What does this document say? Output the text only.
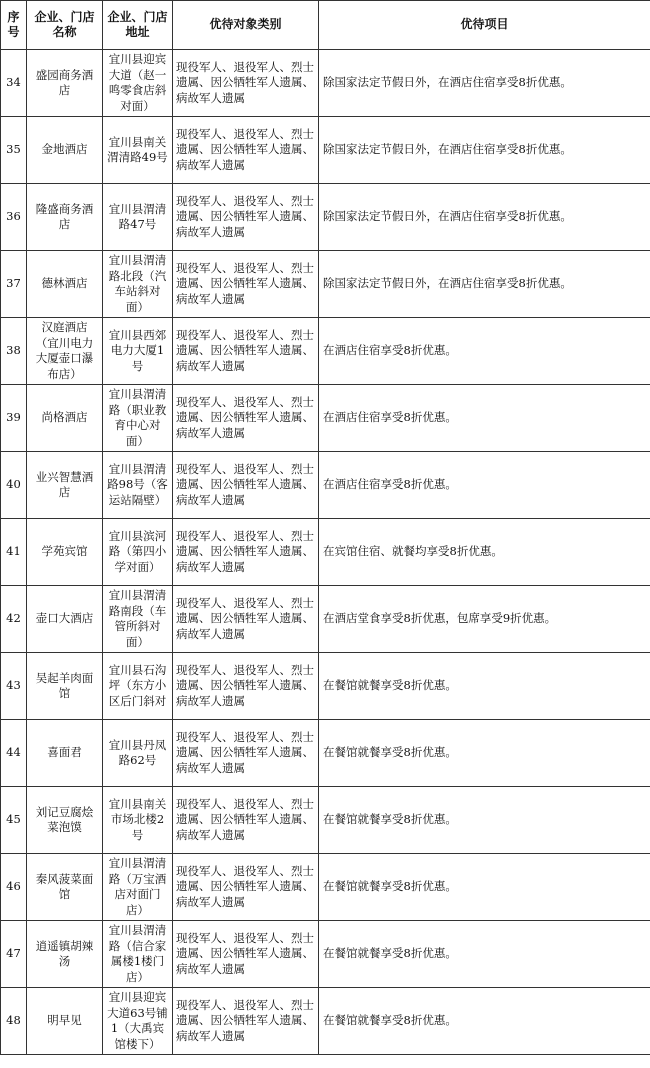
序号	企业、门店名称	企业、门店地址	优待对象类别	优待项目
34	盛园商务酒店	宜川县迎宾大道（赵一鸣零食店斜对面）	现役军人、退役军人、烈士遗属、因公牺牲军人遗属、病故军人遗属	除国家法定节假日外，在酒店住宿享受8折优惠。
35	金地酒店	宜川县南关渭清路49号	现役军人、退役军人、烈士遗属、因公牺牲军人遗属、病故军人遗属	除国家法定节假日外，在酒店住宿享受8折优惠。
36	隆盛商务酒店	宜川县渭清路47号	现役军人、退役军人、烈士遗属、因公牺牲军人遗属、病故军人遗属	除国家法定节假日外，在酒店住宿享受8折优惠。
37	德林酒店	宜川县渭清路北段（汽车站斜对面）	现役军人、退役军人、烈士遗属、因公牺牲军人遗属、病故军人遗属	除国家法定节假日外，在酒店住宿享受8折优惠。
38	汉庭酒店（宜川电力大厦壶口瀑布店）	宜川县西郊电力大厦1号	现役军人、退役军人、烈士遗属、因公牺牲军人遗属、病故军人遗属	在酒店住宿享受8折优惠。
39	尚格酒店	宜川县渭清路（职业教育中心对面）	现役军人、退役军人、烈士遗属、因公牺牲军人遗属、病故军人遗属	在酒店住宿享受8折优惠。
40	业兴智慧酒店	宜川县渭清路98号（客运站隔壁）	现役军人、退役军人、烈士遗属、因公牺牲军人遗属、病故军人遗属	在酒店住宿享受8折优惠。
41	学苑宾馆	宜川县滨河路（第四小学对面）	现役军人、退役军人、烈士遗属、因公牺牲军人遗属、病故军人遗属	在宾馆住宿、就餐均享受8折优惠。
42	壶口大酒店	宜川县渭清路南段（车管所斜对面）	现役军人、退役军人、烈士遗属、因公牺牲军人遗属、病故军人遗属	在酒店堂食享受8折优惠，包席享受9折优惠。
43	吴起羊肉面馆	宜川县石沟坪（东方小区后门斜对	现役军人、退役军人、烈士遗属、因公牺牲军人遗属、病故军人遗属	在餐馆就餐享受8折优惠。
44	喜面君	宜川县丹凤路62号	现役军人、退役军人、烈士遗属、因公牺牲军人遗属、病故军人遗属	在餐馆就餐享受8折优惠。
45	刘记豆腐烩菜泡馍	宜川县南关市场北楼2号	现役军人、退役军人、烈士遗属、因公牺牲军人遗属、病故军人遗属	在餐馆就餐享受8折优惠。
46	秦风菠菜面馆	宜川县渭清路（万宝酒店对面门店）	现役军人、退役军人、烈士遗属、因公牺牲军人遗属、病故军人遗属	在餐馆就餐享受8折优惠。
47	逍遥镇胡辣汤	宜川县渭清路（信合家属楼1楼门店）	现役军人、退役军人、烈士遗属、因公牺牲军人遗属、病故军人遗属	在餐馆就餐享受8折优惠。
48	明早见	宜川县迎宾大道63号铺1（大禹宾馆楼下）	现役军人、退役军人、烈士遗属、因公牺牲军人遗属、病故军人遗属	在餐馆就餐享受8折优惠。
